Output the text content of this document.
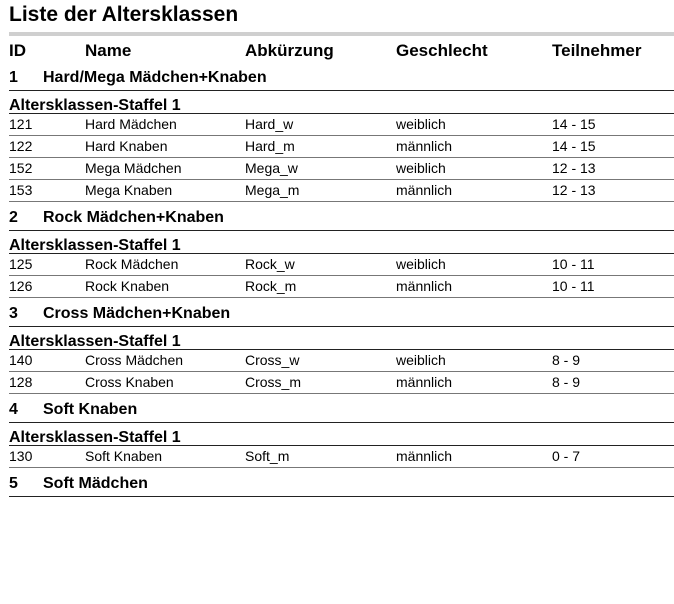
Liste der Altersklassen
ID	Name	Abkürzung	Geschlecht	Teilnehmer
1 Hard/Mega Mädchen+Knaben
Altersklassen-Staffel 1
121	Hard Mädchen	Hard_w	weiblich	14 - 15
122	Hard Knaben	Hard_m	männlich	14 - 15
152	Mega Mädchen	Mega_w	weiblich	12 - 13
153	Mega Knaben	Mega_m	männlich	12 - 13
2 Rock Mädchen+Knaben
Altersklassen-Staffel 1
125	Rock Mädchen	Rock_w	weiblich	10 - 11
126	Rock Knaben	Rock_m	männlich	10 - 11
3 Cross Mädchen+Knaben
Altersklassen-Staffel 1
140	Cross Mädchen	Cross_w	weiblich	8 - 9
128	Cross Knaben	Cross_m	männlich	8 - 9
4 Soft Knaben
Altersklassen-Staffel 1
130	Soft Knaben	Soft_m	männlich	0 - 7
5 Soft Mädchen
